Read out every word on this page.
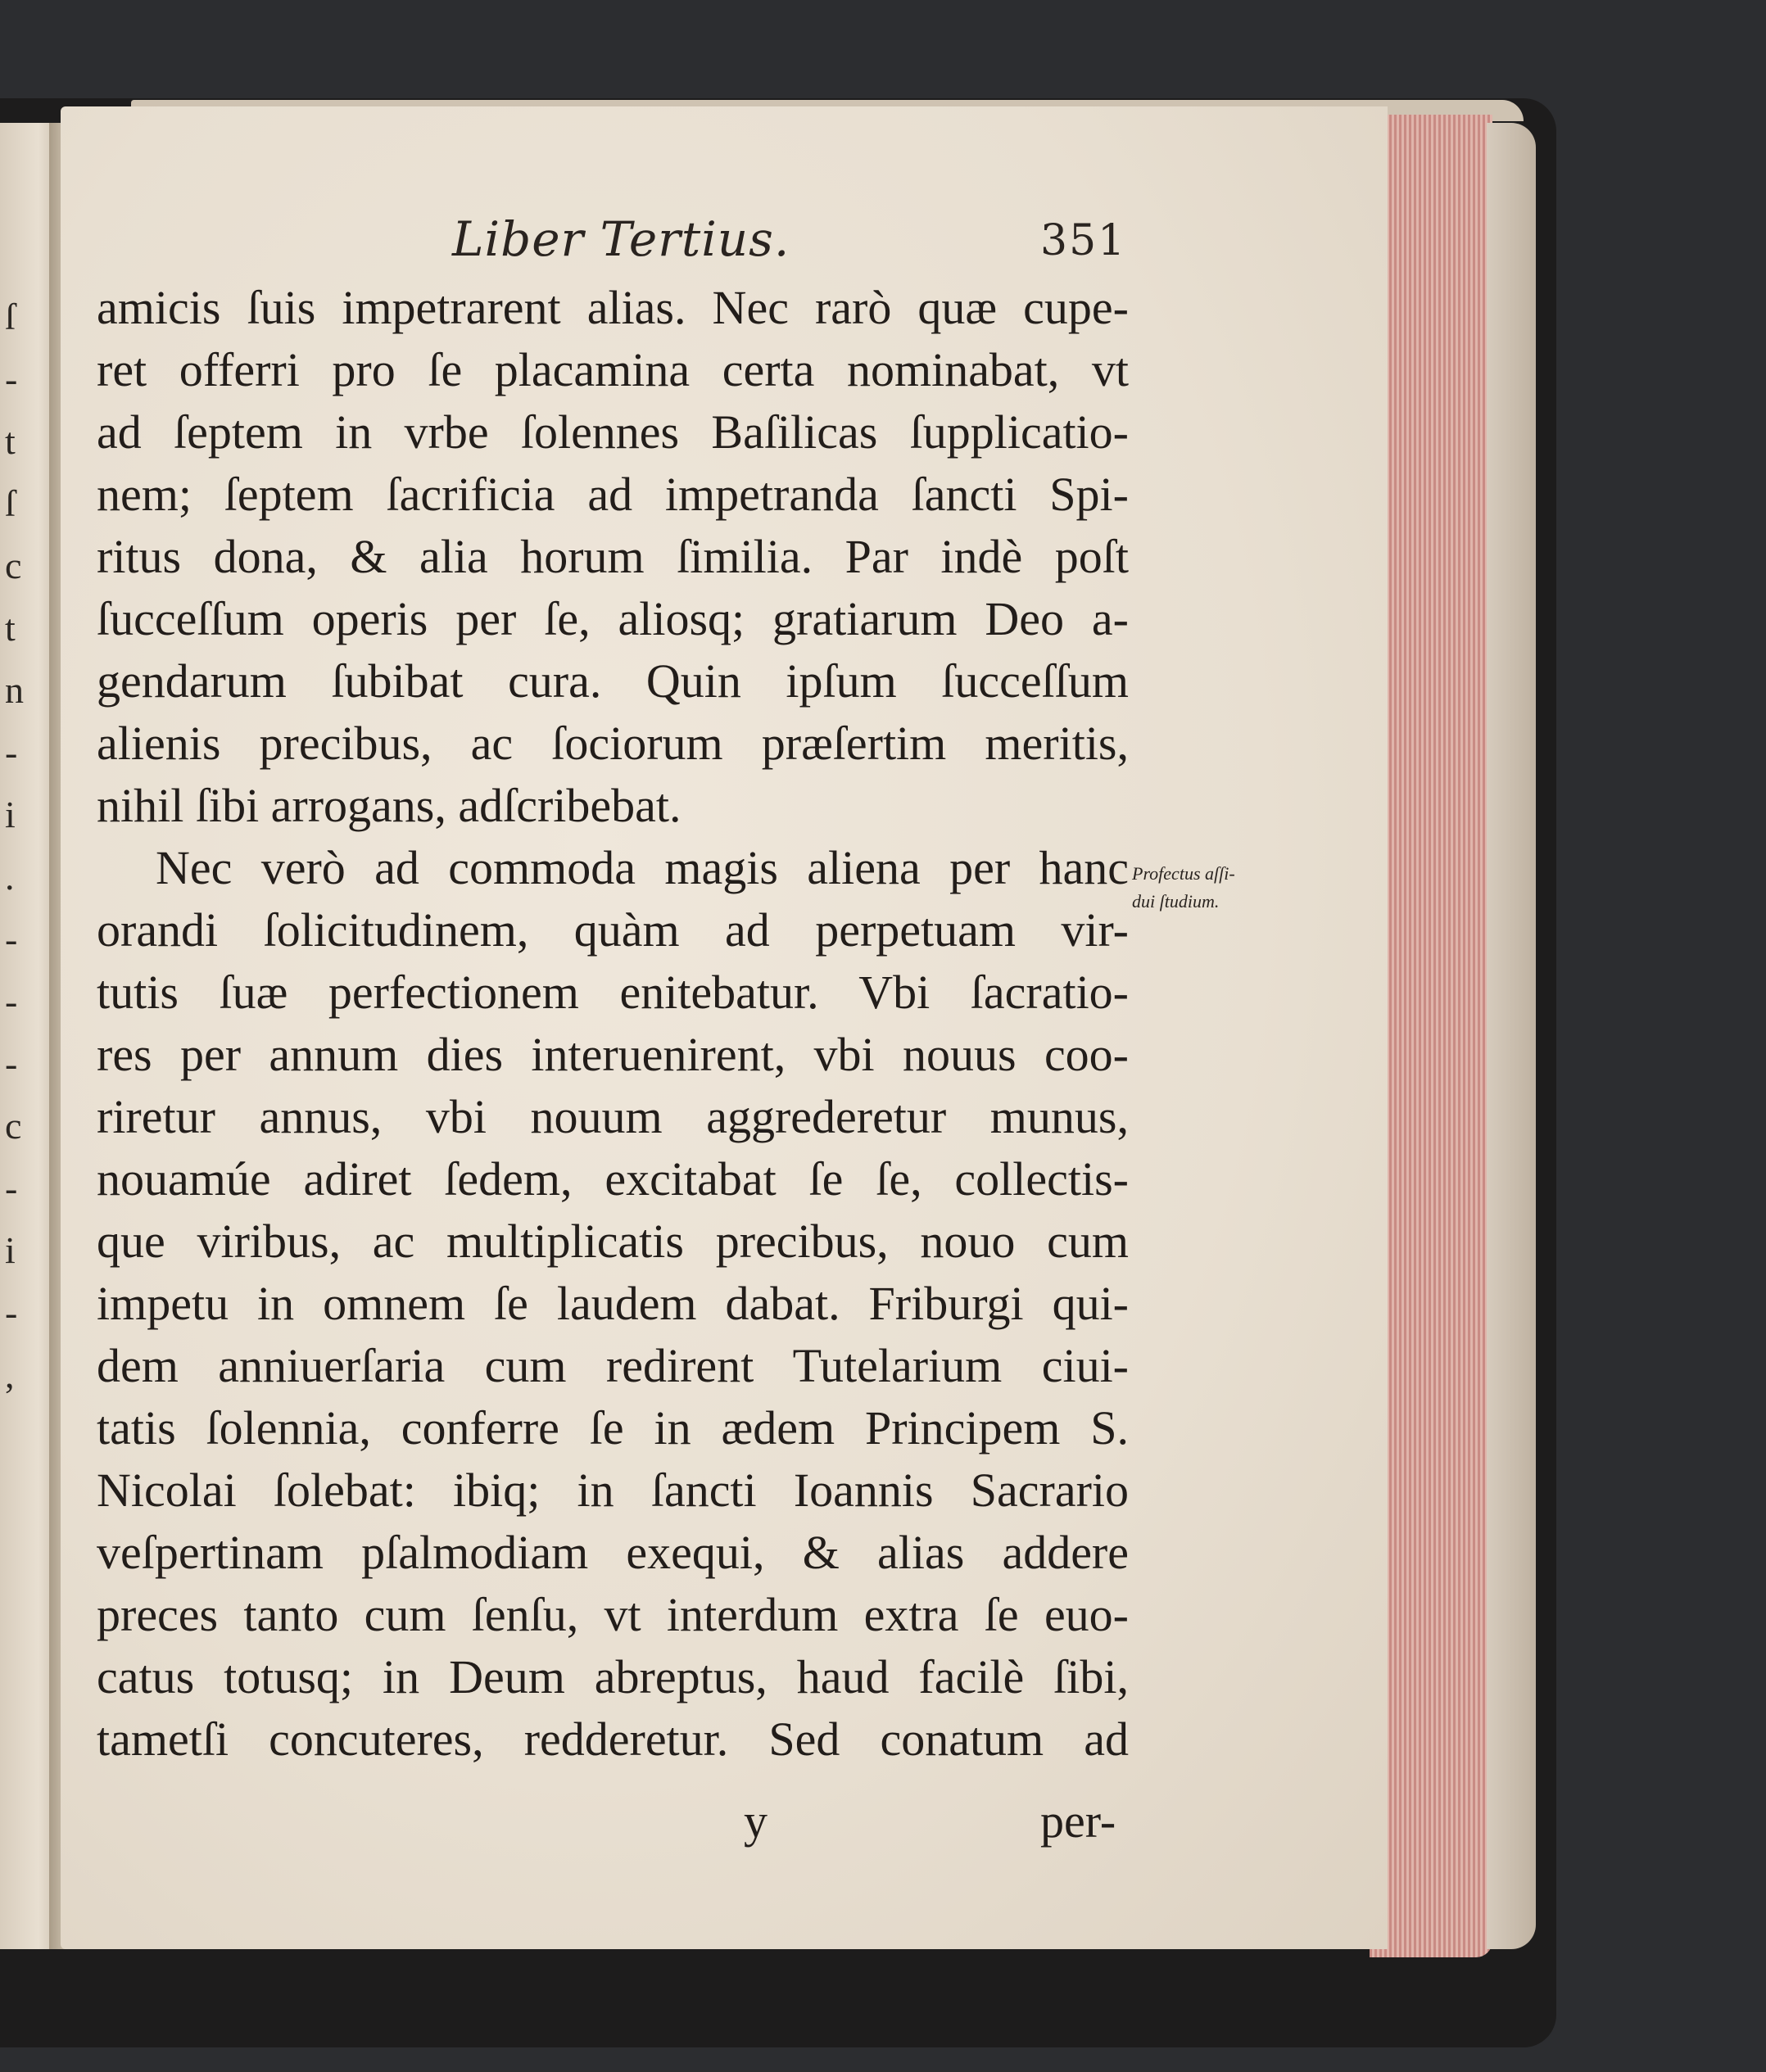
ſ
-
t
ſ
c
t
n
-
i
.
-
-
-
c
-
i
-
,
Liber Tertius.	351
amicis ſuis impetrarent alias. Nec rarò quæ cupe-
ret offerri pro ſe placamina certa nominabat, vt
ad ſeptem in vrbe ſolennes Baſilicas ſupplicatio-
nem; ſeptem ſacrificia ad impetranda ſancti Spi-
ritus dona, & alia horum ſimilia. Par indè poſt
ſucceſſum operis per ſe, aliosq; gratiarum Deo a-
gendarum ſubibat cura. Quin ipſum ſucceſſum
alienis precibus, ac ſociorum præſertim meritis,
nihil ſibi arrogans, adſcribebat.
Nec verò ad commoda magis aliena per hanc
orandi ſolicitudinem, quàm ad perpetuam vir-
tutis ſuæ perfectionem enitebatur. Vbi ſacratio-
res per annum dies interuenirent, vbi nouus coo-
riretur annus, vbi nouum aggrederetur munus,
nouamúe adiret ſedem, excitabat ſe ſe, collectis-
que viribus, ac multiplicatis precibus, nouo cum
impetu in omnem ſe laudem dabat. Friburgi qui-
dem anniuerſaria cum redirent Tutelarium ciui-
tatis ſolennia, conferre ſe in ædem Principem S.
Nicolai ſolebat: ibiq; in ſancti Ioannis Sacrario
veſpertinam pſalmodiam exequi, & alias addere
preces tanto cum ſenſu, vt interdum extra ſe euo-
catus totusq; in Deum abreptus, haud facilè ſibi,
tametſi concuteres, redderetur. Sed conatum ad
Profectus aſſi-
dui ſtudium.
y	per-
